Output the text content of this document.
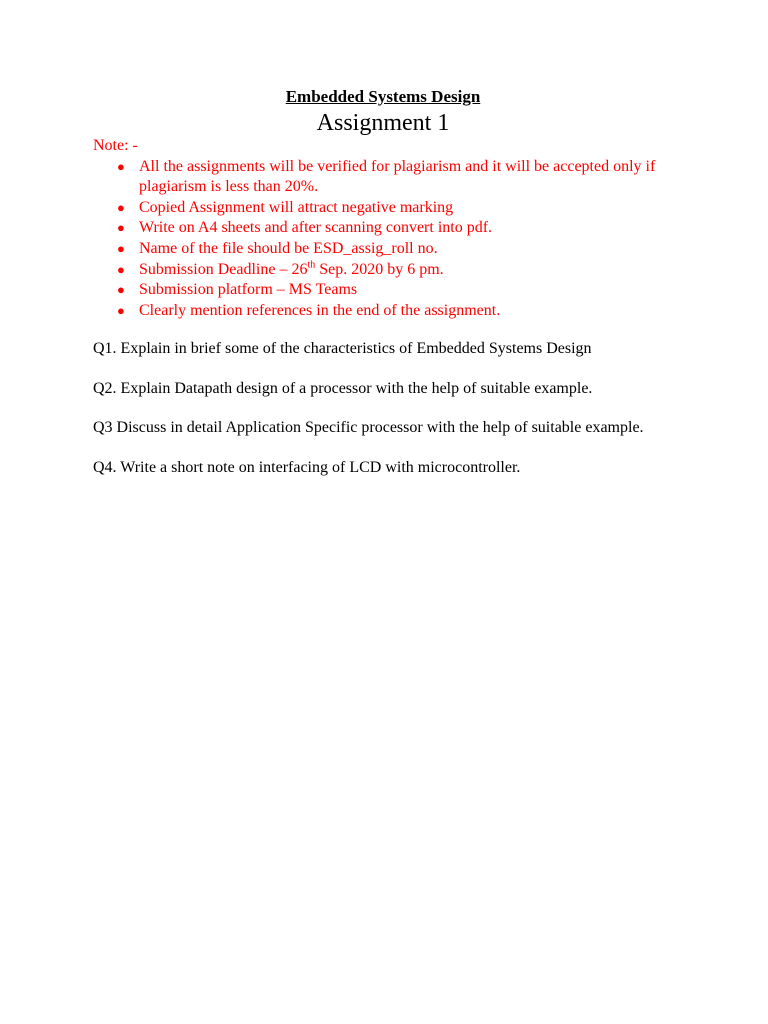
Embedded Systems Design
Assignment 1
Note: -
● All the assignments will be verified for plagiarism and it will be accepted only if plagiarism is less than 20%.
● Copied Assignment will attract negative marking
● Write on A4 sheets and after scanning convert into pdf.
● Name of the file should be ESD_assig_roll no.
● Submission Deadline – 26th Sep. 2020 by 6 pm.
● Submission platform – MS Teams
● Clearly mention references in the end of the assignment.

Q1. Explain in brief some of the characteristics of Embedded Systems Design

Q2. Explain Datapath design of a processor with the help of suitable example.

Q3 Discuss in detail Application Specific processor with the help of suitable example.

Q4. Write a short note on interfacing of LCD with microcontroller.
